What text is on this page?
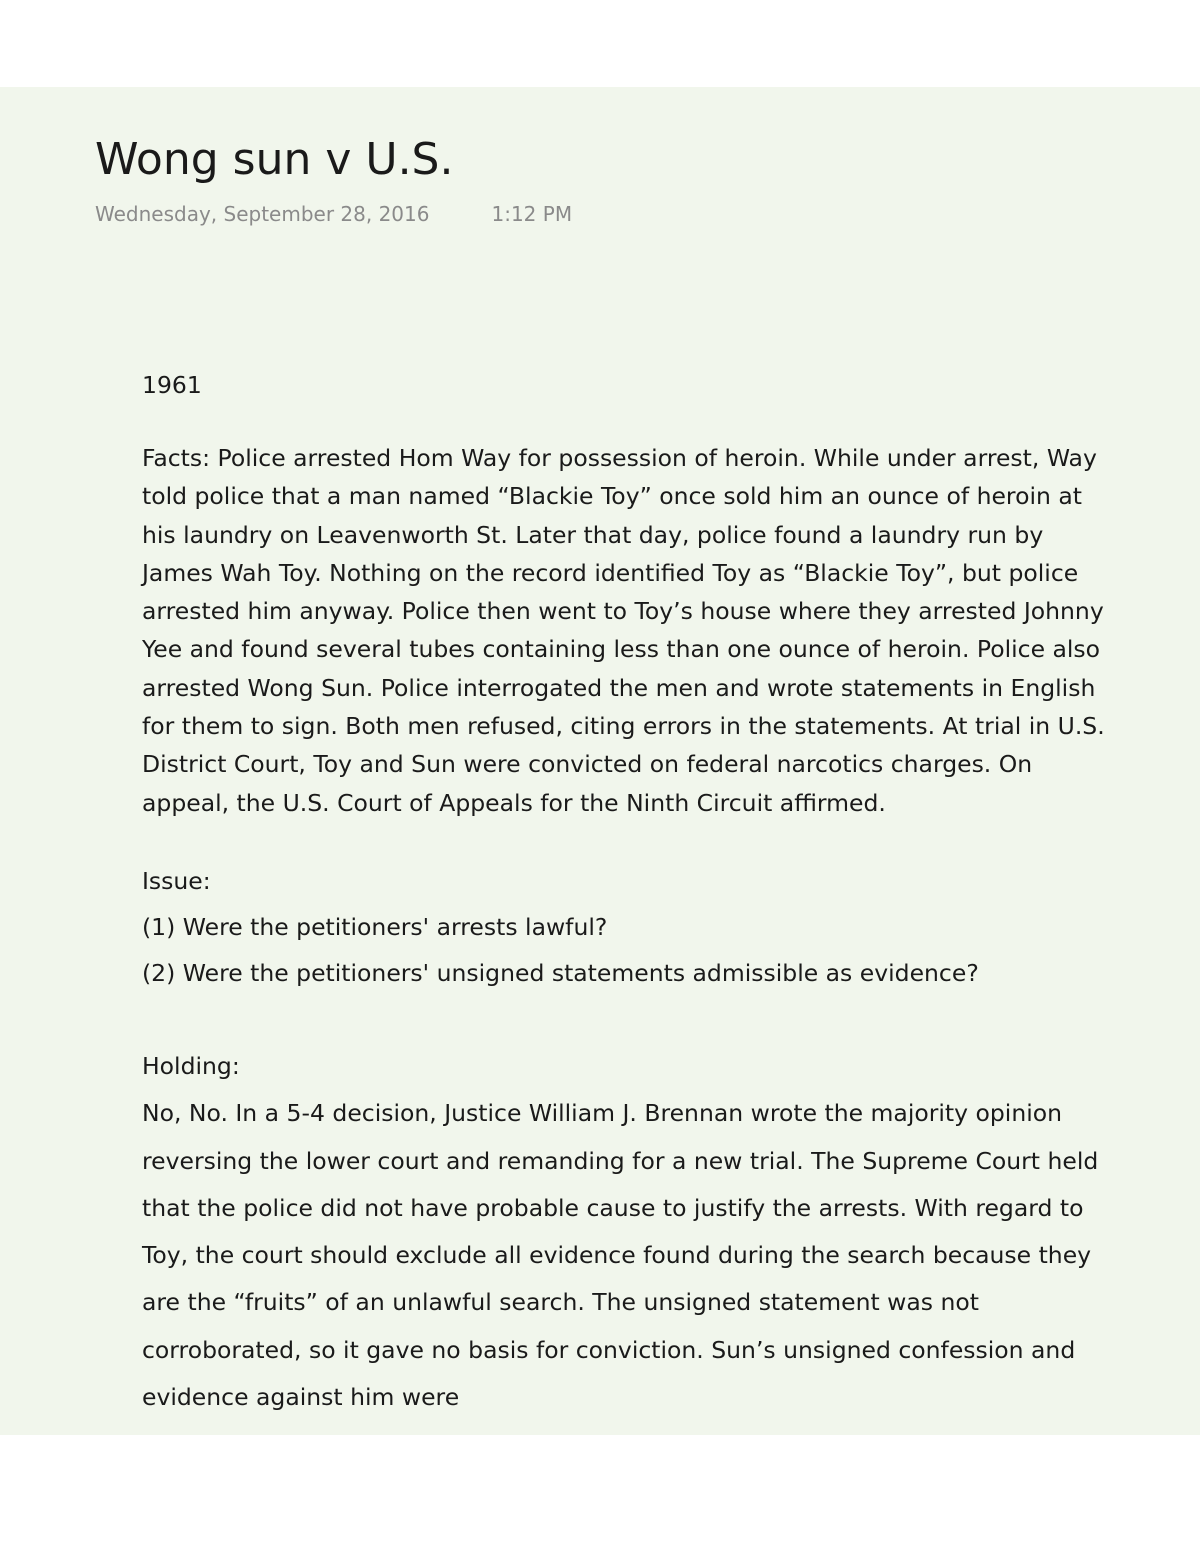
Wong sun v U.S.
Wednesday, September 28, 2016	1:12 PM

1961

Facts: Police arrested Hom Way for possession of heroin. While under arrest, Way told police that a man named “Blackie Toy” once sold him an ounce of heroin at his laundry on Leavenworth St. Later that day, police found a laundry run by James Wah Toy. Nothing on the record identified Toy as “Blackie Toy”, but police arrested him anyway. Police then went to Toy’s house where they arrested Johnny Yee and found several tubes containing less than one ounce of heroin. Police also arrested Wong Sun. Police interrogated the men and wrote statements in English for them to sign. Both men refused, citing errors in the statements. At trial in U.S. District Court, Toy and Sun were convicted on federal narcotics charges. On appeal, the U.S. Court of Appeals for the Ninth Circuit affirmed.

Issue:

(1) Were the petitioners' arrests lawful?

(2) Were the petitioners' unsigned statements admissible as evidence?

Holding:

No, No. In a 5-4 decision, Justice William J. Brennan wrote the majority opinion reversing the lower court and remanding for a new trial. The Supreme Court held that the police did not have probable cause to justify the arrests. With regard to Toy, the court should exclude all evidence found during the search because they are the “fruits” of an unlawful search. The unsigned statement was not corroborated, so it gave no basis for conviction. Sun’s unsigned confession and evidence against him were
